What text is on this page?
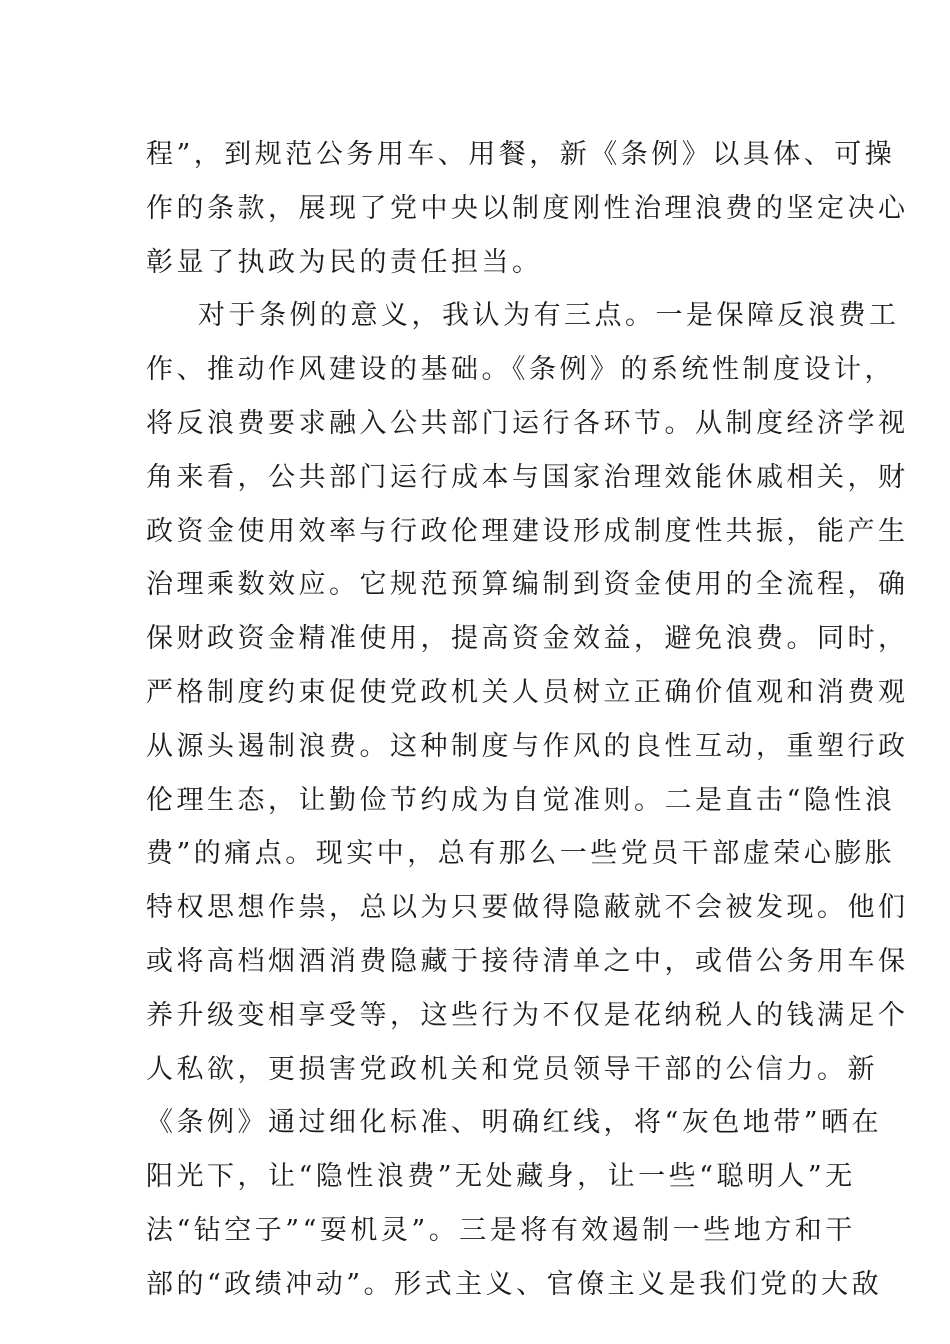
程”，到规范公务用车、用餐，新《条例》以具体、可操
作的条款，展现了党中央以制度刚性治理浪费的坚定决心
彰显了执政为民的责任担当。
对于条例的意义，我认为有三点。一是保障反浪费工
作、推动作风建设的基础。《条例》的系统性制度设计，
将反浪费要求融入公共部门运行各环节。从制度经济学视
角来看，公共部门运行成本与国家治理效能休戚相关，财
政资金使用效率与行政伦理建设形成制度性共振，能产生
治理乘数效应。它规范预算编制到资金使用的全流程，确
保财政资金精准使用，提高资金效益，避免浪费。同时，
严格制度约束促使党政机关人员树立正确价值观和消费观
从源头遏制浪费。这种制度与作风的良性互动，重塑行政
伦理生态，让勤俭节约成为自觉准则。二是直击“隐性浪
费”的痛点。现实中，总有那么一些党员干部虚荣心膨胀
特权思想作祟，总以为只要做得隐蔽就不会被发现。他们
或将高档烟酒消费隐藏于接待清单之中，或借公务用车保
养升级变相享受等，这些行为不仅是花纳税人的钱满足个
人私欲，更损害党政机关和党员领导干部的公信力。新
《条例》通过细化标准、明确红线，将“灰色地带”晒在
阳光下，让“隐性浪费”无处藏身，让一些“聪明人”无
法“钻空子”“耍机灵”。三是将有效遏制一些地方和干
部的“政绩冲动”。形式主义、官僚主义是我们党的大敌
